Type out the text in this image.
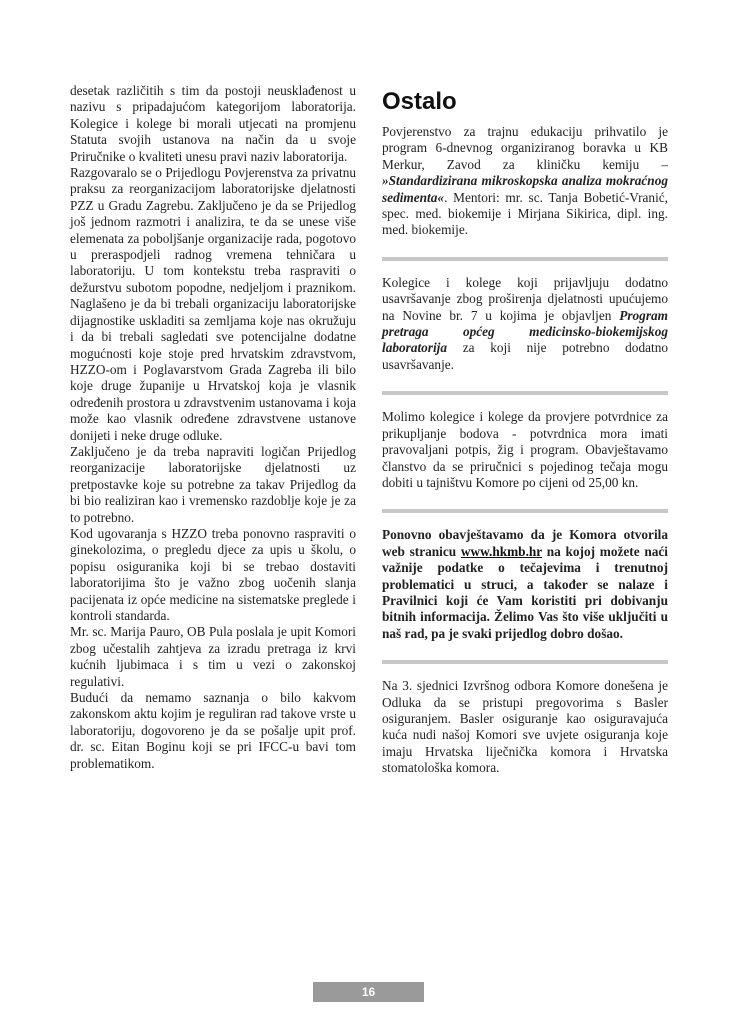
desetak različitih s tim da postoji neusklađenost u nazivu s pripadajućom kategorijom laboratorija. Kolegice i kolege bi morali utjecati na promjenu Statuta svojih ustanova na način da u svoje Priručnike o kvaliteti unesu pravi naziv laboratorija.

Razgovaralo se o Prijedlogu Povjerenstva za privatnu praksu za reorganizacijom laboratorijske djelatnosti PZZ u Gradu Zagrebu. Zaključeno je da se Prijedlog još jednom razmotri i analizira, te da se unese više elemenata za poboljšanje organizacije rada, pogotovo u preraspodjeli radnog vremena tehničara u laboratoriju. U tom kontekstu treba raspraviti o dežurstvu subotom popodne, nedjeljom i praznikom. Naglašeno je da bi trebali organizaciju laboratorijske dijagnostike uskladiti sa zemljama koje nas okružuju i da bi trebali sagledati sve potencijalne dodatne mogućnosti koje stoje pred hrvatskim zdravstvom, HZZO-om i Poglavarstvom Grada Zagreba ili bilo koje druge županije u Hrvatskoj koja je vlasnik određenih prostora u zdravstvenim ustanovama i koja može kao vlasnik određene zdravstvene ustanove donijeti i neke druge odluke.

Zaključeno je da treba napraviti logičan Prijedlog reorganizacije laboratorijske djelatnosti uz pretpostavke koje su potrebne za takav Prijedlog da bi bio realiziran kao i vremensko razdoblje koje je za to potrebno.

Kod ugovaranja s HZZO treba ponovno raspraviti o ginekolozima, o pregledu djece za upis u školu, o popisu osiguranika koji bi se trebao dostaviti laboratorijima što je važno zbog uočenih slanja pacijenata iz opće medicine na sistematske preglede i kontroli standarda.

Mr. sc. Marija Pauro, OB Pula poslala je upit Komori zbog učestalih zahtjeva za izradu pretraga iz krvi kućnih ljubimaca i s tim u vezi o zakonskoj regulativi.

Budući da nemamo saznanja o bilo kakvom zakonskom aktu kojim je reguliran rad takove vrste u laboratoriju, dogovoreno je da se pošalje upit prof. dr. sc. Eitan Boginu koji se pri IFCC-u bavi tom problematikom.

Ostalo

Povjerenstvo za trajnu edukaciju prihvatilo je program 6-dnevnog organiziranog boravka u KB Merkur, Zavod za kliničku kemiju – »Standardizirana mikroskopska analiza mokraćnog sedimenta«. Mentori: mr. sc. Tanja Bobetić-Vranić, spec. med. biokemije i Mirjana Sikirica, dipl. ing. med. biokemije.

Kolegice i kolege koji prijavljuju dodatno usavršavanje zbog proširenja djelatnosti upućujemo na Novine br. 7 u kojima je objavljen Program pretraga općeg medicinsko-biokemijskog laboratorija za koji nije potrebno dodatno usavršavanje.

Molimo kolegice i kolege da provjere potvrdnice za prikupljanje bodova - potvrdnica mora imati pravovaljani potpis, žig i program. Obavještavamo članstvo da se priručnici s pojedinog tečaja mogu dobiti u tajništvu Komore po cijeni od 25,00 kn.

Ponovno obavještavamo da je Komora otvorila web stranicu www.hkmb.hr na kojoj možete naći važnije podatke o tečajevima i trenutnoj problematici u struci, a također se nalaze i Pravilnici koji će Vam koristiti pri dobivanju bitnih informacija. Želimo Vas što više uključiti u naš rad, pa je svaki prijedlog dobro došao.

Na 3. sjednici Izvršnog odbora Komore donešena je Odluka da se pristupi pregovorima s Basler osiguranjem. Basler osiguranje kao osiguravajuća kuća nudi našoj Komori sve uvjete osiguranja koje imaju Hrvatska liječnička komora i Hrvatska stomatološka komora.

16
